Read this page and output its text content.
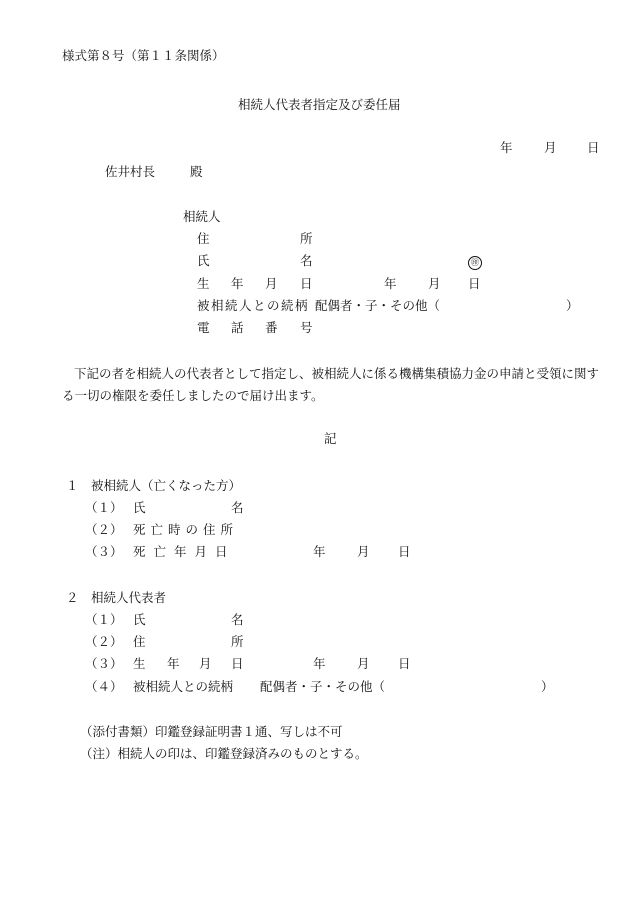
様式第８号（第１１条関係）
相続人代表者指定及び委任届
年	月 日
佐井村長	殿
相続人
住	所
氏	名	㊞
生 年 月 日	年	月 日
被相続人との続柄 配偶者・子・その他（	）
電 話 番 号
下記の者を相続人の代表者として指定し、被相続人に係る機構集積協力金の申請と受領に関する一切の権限を委任しましたので届け出ます。
記
１　被相続人（亡くなった方）
（１） 氏	名
（２） 死亡時の住所
（３） 死亡年月日	年	月 日
２　相続人代表者
（１） 氏	名
（２） 住	所
（３） 生 年 月 日	年	月 日
（４） 被相続人との続柄 配偶者・子・その他（	）
（添付書類）印鑑登録証明書１通、写しは不可
（注）相続人の印は、印鑑登録済みのものとする。
